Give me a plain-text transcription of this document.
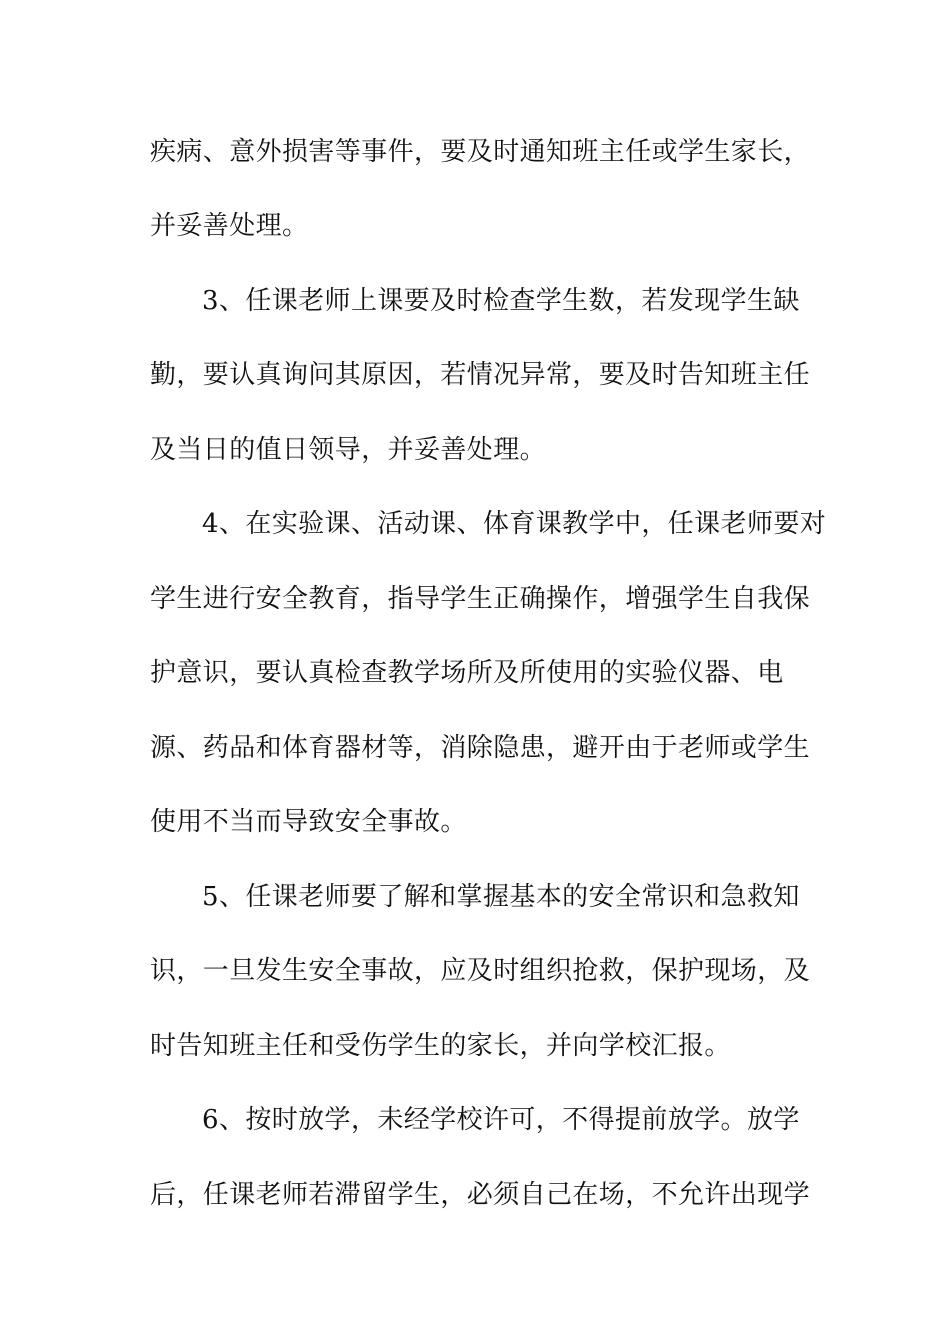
疾病、意外损害等事件，要及时通知班主任或学生家长，
并妥善处理。
3、任课老师上课要及时检查学生数，若发现学生缺
勤，要认真询问其原因，若情况异常，要及时告知班主任
及当日的值日领导，并妥善处理。
4、在实验课、活动课、体育课教学中，任课老师要对
学生进行安全教育，指导学生正确操作，增强学生自我保
护意识，要认真检查教学场所及所使用的实验仪器、电
源、药品和体育器材等，消除隐患，避开由于老师或学生
使用不当而导致安全事故。
5、任课老师要了解和掌握基本的安全常识和急救知
识，一旦发生安全事故，应及时组织抢救，保护现场，及
时告知班主任和受伤学生的家长，并向学校汇报。
6、按时放学，未经学校许可，不得提前放学。放学
后，任课老师若滞留学生，必须自己在场，不允许出现学
